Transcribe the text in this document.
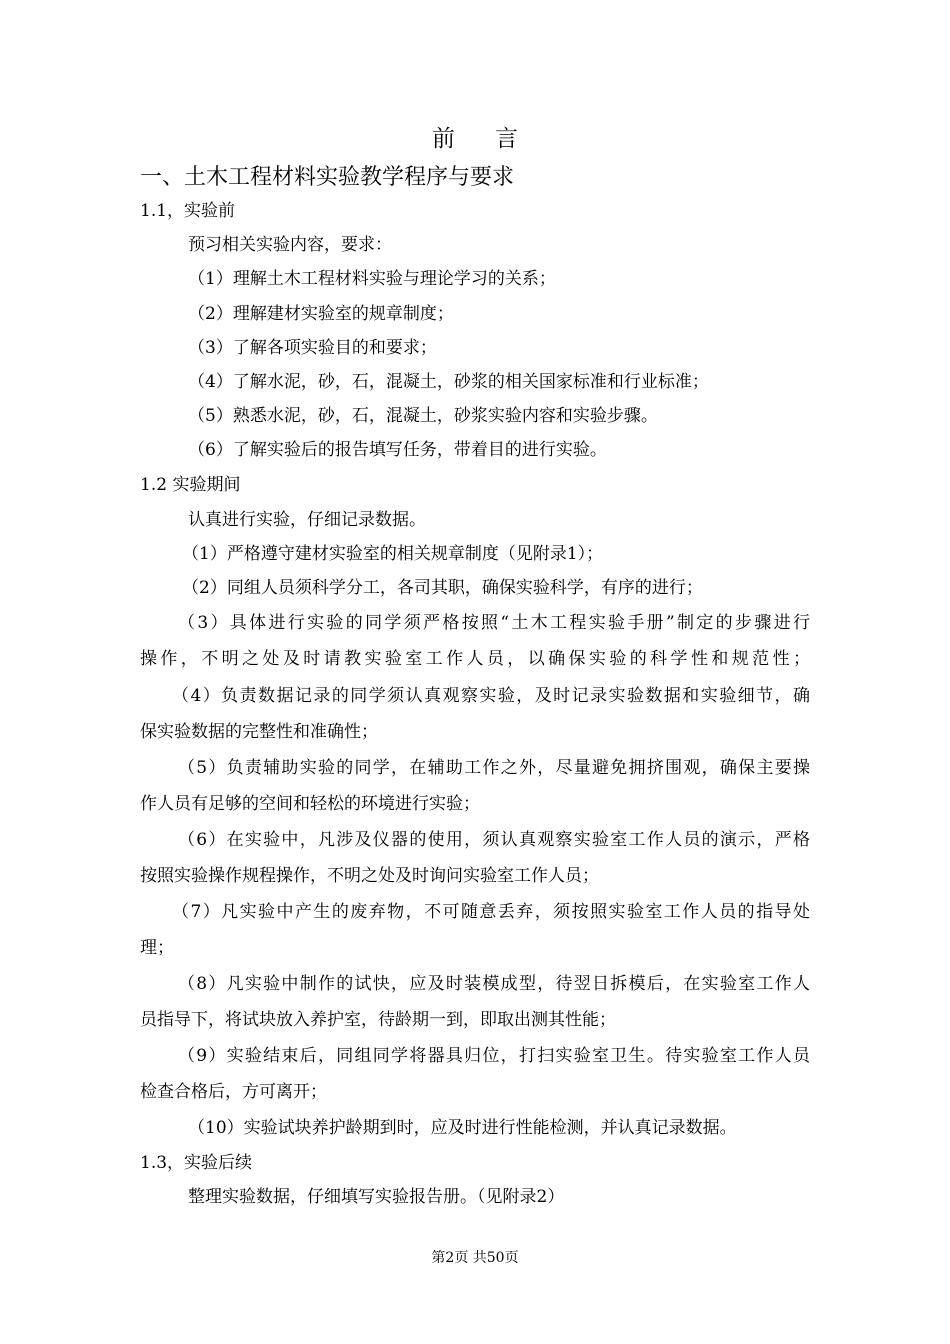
前言
一、土木工程材料实验教学程序与要求
1.1，实验前
预习相关实验内容，要求：
（1）理解土木工程材料实验与理论学习的关系；
（2）理解建材实验室的规章制度；
（3）了解各项实验目的和要求；
（4）了解水泥，砂，石，混凝土，砂浆的相关国家标准和行业标准；
（5）熟悉水泥，砂，石，混凝土，砂浆实验内容和实验步骤。
（6）了解实验后的报告填写任务，带着目的进行实验。
1.2 实验期间
认真进行实验，仔细记录数据。
（1）严格遵守建材实验室的相关规章制度（见附录1）；
（2）同组人员须科学分工，各司其职，确保实验科学，有序的进行；
（3）具体进行实验的同学须严格按照“土木工程实验手册”制定的步骤进行
操作，不明之处及时请教实验室工作人员，以确保实验的科学性和规范性；
（4）负责数据记录的同学须认真观察实验，及时记录实验数据和实验细节，确
保实验数据的完整性和准确性；
（5）负责辅助实验的同学，在辅助工作之外，尽量避免拥挤围观，确保主要操
作人员有足够的空间和轻松的环境进行实验；
（6）在实验中，凡涉及仪器的使用，须认真观察实验室工作人员的演示，严格
按照实验操作规程操作，不明之处及时询问实验室工作人员；
（7）凡实验中产生的废弃物，不可随意丢弃，须按照实验室工作人员的指导处
理；
（8）凡实验中制作的试快，应及时装模成型，待翌日拆模后，在实验室工作人
员指导下，将试块放入养护室，待龄期一到，即取出测其性能；
（9）实验结束后，同组同学将器具归位，打扫实验室卫生。待实验室工作人员
检查合格后，方可离开；
（10）实验试块养护龄期到时，应及时进行性能检测，并认真记录数据。
1.3，实验后续
整理实验数据，仔细填写实验报告册。（见附录2）
第2页 共50页
